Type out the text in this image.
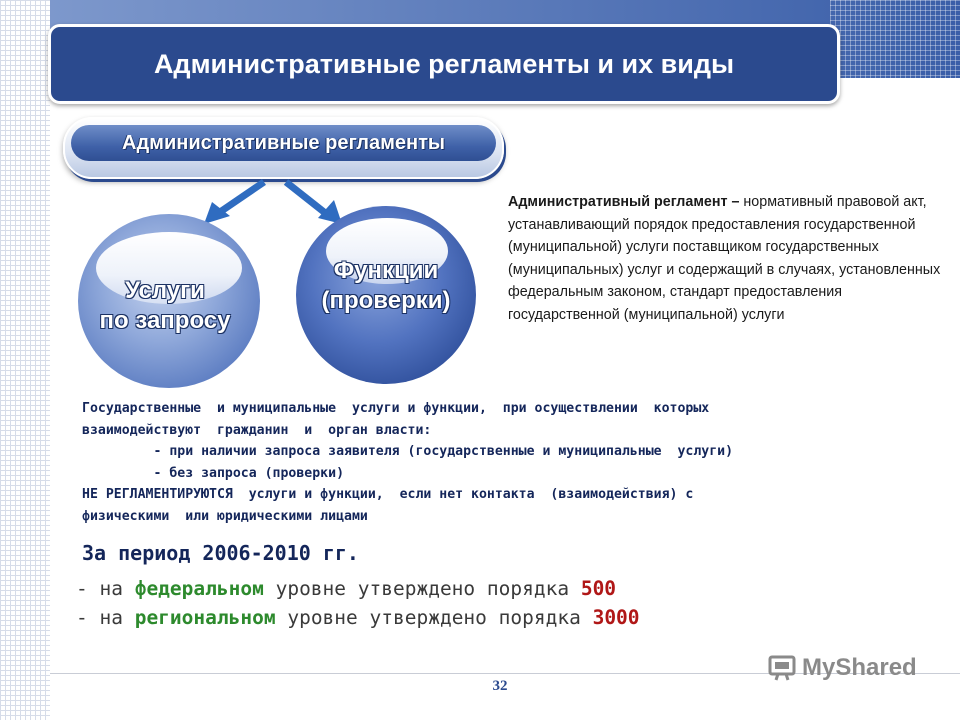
Административные регламенты и их виды
Административные регламенты
Услуги
по запросу
Функции
(проверки)
Административный регламент – нормативный правовой акт, устанавливающий порядок предоставления государственной (муниципальной) услуги поставщиком государственных (муниципальных) услуг и содержащий в случаях, установленных федеральным законом, стандарт предоставления государственной (муниципальной) услуги
Государственные  и муниципальные  услуги и функции,  при осуществлении  которых
взаимодействуют  гражданин  и  орган власти:
- при наличии запроса заявителя (государственные и муниципальные  услуги)
- без запроса (проверки)
НЕ РЕГЛАМЕНТИРУЮТСЯ  услуги и функции,  если нет контакта  (взаимодействия) с
физическими  или юридическими лицами
За период 2006-2010 гг.
- на федеральном уровне утверждено порядка 500
- на региональном уровне утверждено порядка 3000
32
MyShared
